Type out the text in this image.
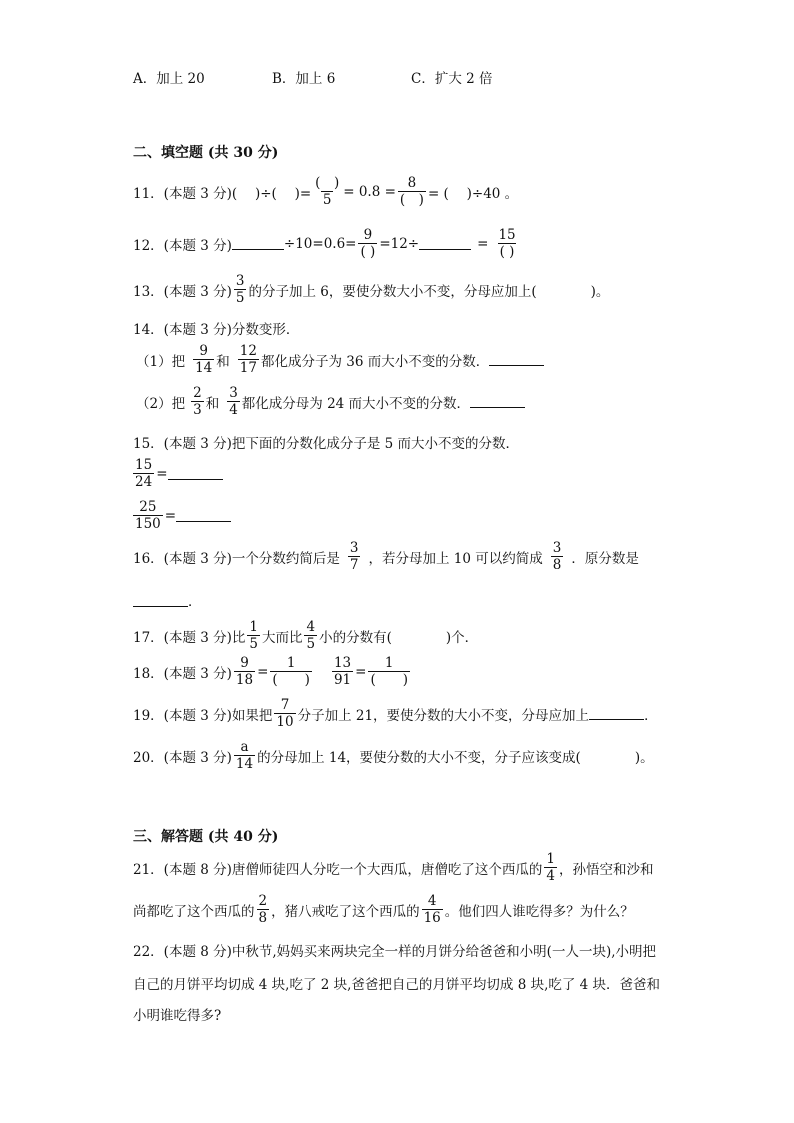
A．加上 20	B．加上 6	C．扩大 2 倍
二、填空题 (共 30 分)
11．(本题 3 分)(　 )÷(　 )= $\frac{( )}{5} = 0.8 = \frac{8}{( )}$ = (　 )÷40 。
12．(本题 3 分)	$\div 10=0.6= \frac{9}{( )} =12\div$	= $\frac{15}{( )}$
13．(本题 3 分) $\frac{3}{5}$ 的分子加上 6，要使分数大小不变，分母应加上(　　　　)。
14．(本题 3 分)分数变形．
（1）把 $\frac{9}{14}$ 和 $\frac{12}{17}$ 都化成分子为 36 而大小不变的分数．
（2）把 $\frac{2}{3}$ 和 $\frac{3}{4}$ 都化成分母为 24 而大小不变的分数．
15．(本题 3 分)把下面的分数化成分子是 5 而大小不变的分数．
$\frac{15}{24}$ =
$\frac{25}{150}$ =
16．(本题 3 分)一个分数约简后是 $\frac{3}{7}$ ，若分母加上 10 可以约简成 $\frac{3}{8}$ ．原分数是
．
17．(本题 3 分)比 $\frac{1}{5}$ 大而比 $\frac{4}{5}$ 小的分数有(　　　　)个．
18．(本题 3 分) $\frac{9}{18} = \frac{1}{( )} \frac{13}{91} = \frac{1}{( )}$
19．(本题 3 分)如果把 $\frac{7}{10}$ 分子加上 21，要使分数的大小不变，分母应加上	．
20．(本题 3 分) $\frac{a}{14}$ 的分母加上 14，要使分数的大小不变，分子应该变成(　　　　)。
三、解答题 (共 40 分)
21．(本题 8 分)唐僧师徒四人分吃一个大西瓜，唐僧吃了这个西瓜的 $\frac{1}{4}$ ，孙悟空和沙和
尚都吃了这个西瓜的 $\frac{2}{8}$ ，猪八戒吃了这个西瓜的 $\frac{4}{16}$ 。他们四人谁吃得多？为什么？
22．(本题 8 分)中秋节,妈妈买来两块完全一样的月饼分给爸爸和小明(一人一块),小明把
自己的月饼平均切成 4 块,吃了 2 块,爸爸把自己的月饼平均切成 8 块,吃了 4 块．爸爸和
小明谁吃得多?
